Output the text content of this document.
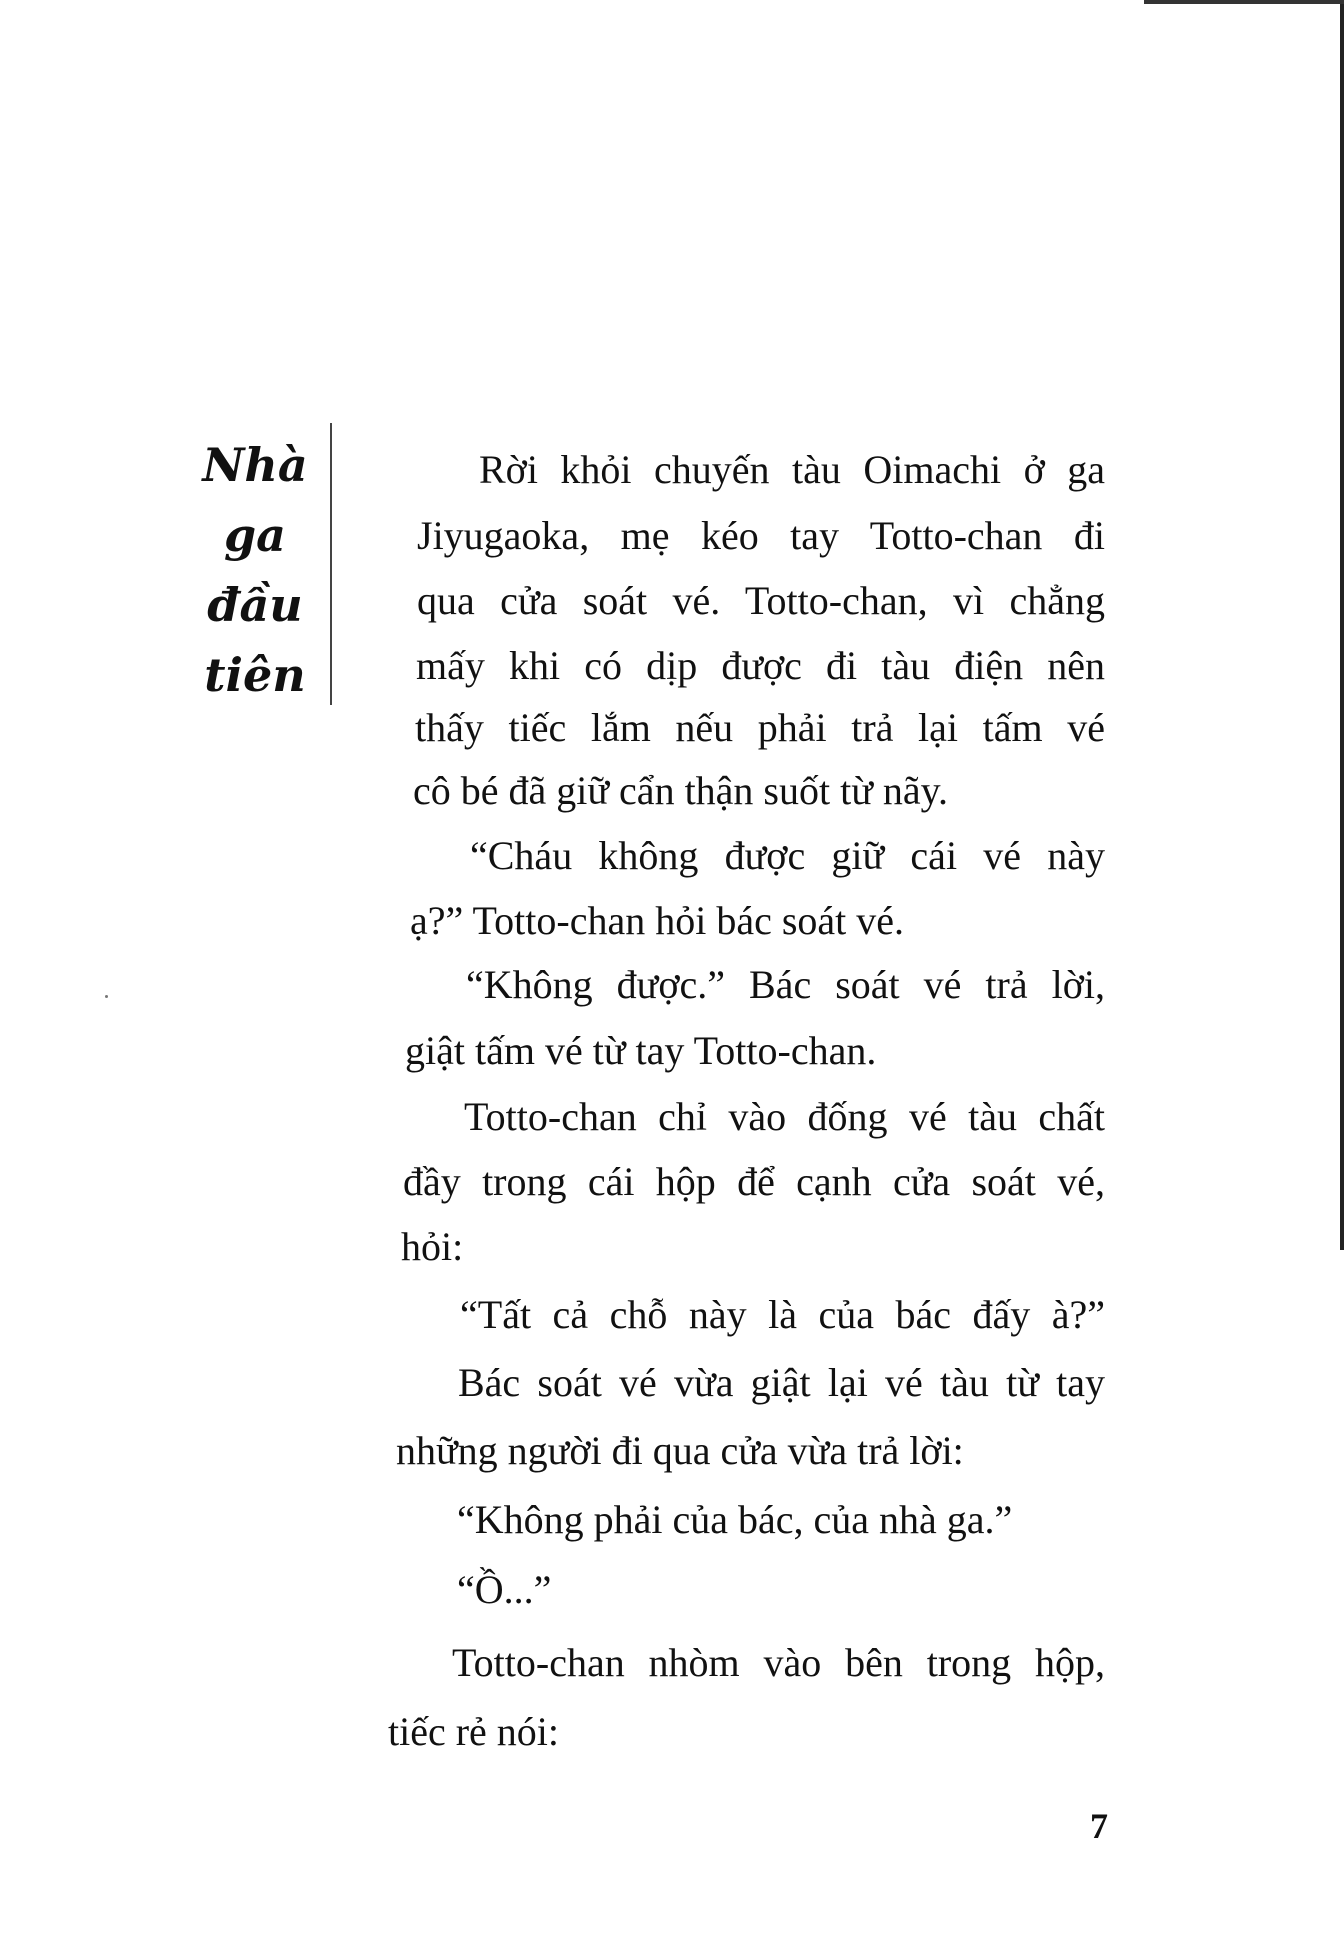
Nhà
ga
đầu
tiên
Rời khỏi chuyến tàu Oimachi ở ga
Jiyugaoka, mẹ kéo tay Totto-chan đi
qua cửa soát vé. Totto-chan, vì chẳng
mấy khi có dịp được đi tàu điện nên
thấy tiếc lắm nếu phải trả lại tấm vé
cô bé đã giữ cẩn thận suốt từ nãy.
“Cháu không được giữ cái vé này
ạ?” Totto-chan hỏi bác soát vé.
“Không được.” Bác soát vé trả lời,
giật tấm vé từ tay Totto-chan.
Totto-chan chỉ vào đống vé tàu chất
đầy trong cái hộp để cạnh cửa soát vé,
hỏi:
“Tất cả chỗ này là của bác đấy à?”
Bác soát vé vừa giật lại vé tàu từ tay
những người đi qua cửa vừa trả lời:
“Không phải của bác, của nhà ga.”
“Ồ...”
Totto-chan nhòm vào bên trong hộp,
tiếc rẻ nói:
7
